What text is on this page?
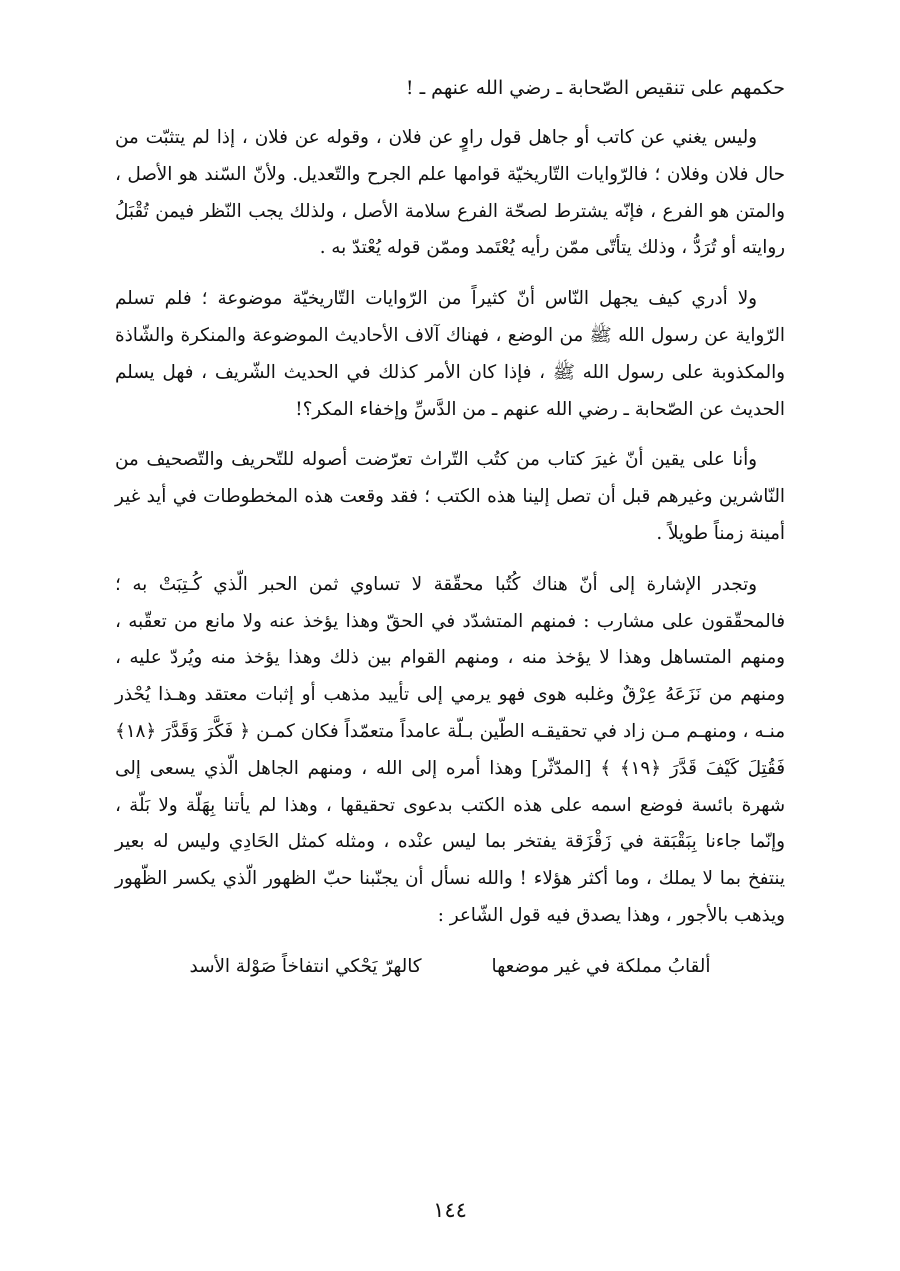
حكمهم على تنقيص الصّحابة ـ رضي الله عنهم ـ !

وليس يغني عن كاتب أو جاهل قول راوٍ عن فلان ، وقوله عن فلان ، إذا لم يتثبّت من حال فلان وفلان ؛ فالرّوايات التّاريخيّة قوامها علم الجرح والتّعديل. ولأنّ السّند هو الأصل ، والمتن هو الفرع ، فإنّه يشترط لصحّة الفرع سلامة الأصل ، ولذلك يجب النّظر فيمن تُقْبَلُ روايته أو تُرَدُّ ، وذلك يتأتّى ممّن رأيه يُعْتَمد وممّن قوله يُعْتدّ به .

ولا أدري كيف يجهل النّاس أنّ كثيراً من الرّوايات التّاريخيّة موضوعة ؛ فلم تسلم الرّواية عن رسول الله ﷺ من الوضع ، فهناك آلاف الأحاديث الموضوعة والمنكرة والشّاذة والمكذوبة على رسول الله ﷺ ، فإذا كان الأمر كذلك في الحديث الشّريف ، فهل يسلم الحديث عن الصّحابة ـ رضي الله عنهم ـ من الدَّسِّ وإخفاء المكر؟!

وأنا على يقين أنّ غيرَ كتاب من كتُب التّراث تعرّضت أصوله للتّحريف والتّصحيف من النّاشرين وغيرهم قبل أن تصل إلينا هذه الكتب ؛ فقد وقعت هذه المخطوطات في أيد غير أمينة زمناً طويلاً .

وتجدر الإشارة إلى أنّ هناك كُتُبا محقّقة لا تساوي ثمن الحبر الّذي كُـتِبَتْ به ؛ فالمحقّقون على مشارب : فمنهم المتشدّد في الحقّ وهذا يؤخذ عنه ولا مانع من تعقّبه ، ومنهم المتساهل وهذا لا يؤخذ منه ، ومنهم القوام بين ذلك وهذا يؤخذ منه ويُردّ عليه ، ومنهم من نَزَعَهُ عِرْقٌ وغلبه هوى فهو يرمي إلى تأييد مذهب أو إثبات معتقد وهـذا يُحْذر منـه ، ومنهـم مـن زاد في تحقيقـه الطّين بـلّة عامداً متعمّداً فكان كمـن ﴿ فَكَّرَ وَقَدَّرَ ﴿١٨﴾ فَقُتِلَ كَيْفَ قَدَّرَ ﴿١٩﴾ ﴾ [المدّثّر] وهذا أمره إلى الله ، ومنهم الجاهل الّذي يسعى إلى شهرة بائسة فوضع اسمه على هذه الكتب بدعوى تحقيقها ، وهذا لم يأتنا بِهَلّة ولا بَلّة ، وإنّما جاءنا بِبَقْبَقة في زَقْزَقة يفتخر بما ليس عنْده ، ومثله كمثل الحَادِي وليس له بعير ينتفخ بما لا يملك ، وما أكثر هؤلاء ! والله نسأل أن يجنّبنا حبّ الظهور الّذي يكسر الظّهور ويذهب بالأجور ، وهذا يصدق فيه قول الشّاعر :

ألقابُ مملكة في غير موضعها
كالهرّ يَحْكي انتفاخاً صَوْلة الأسد
١٤٤
